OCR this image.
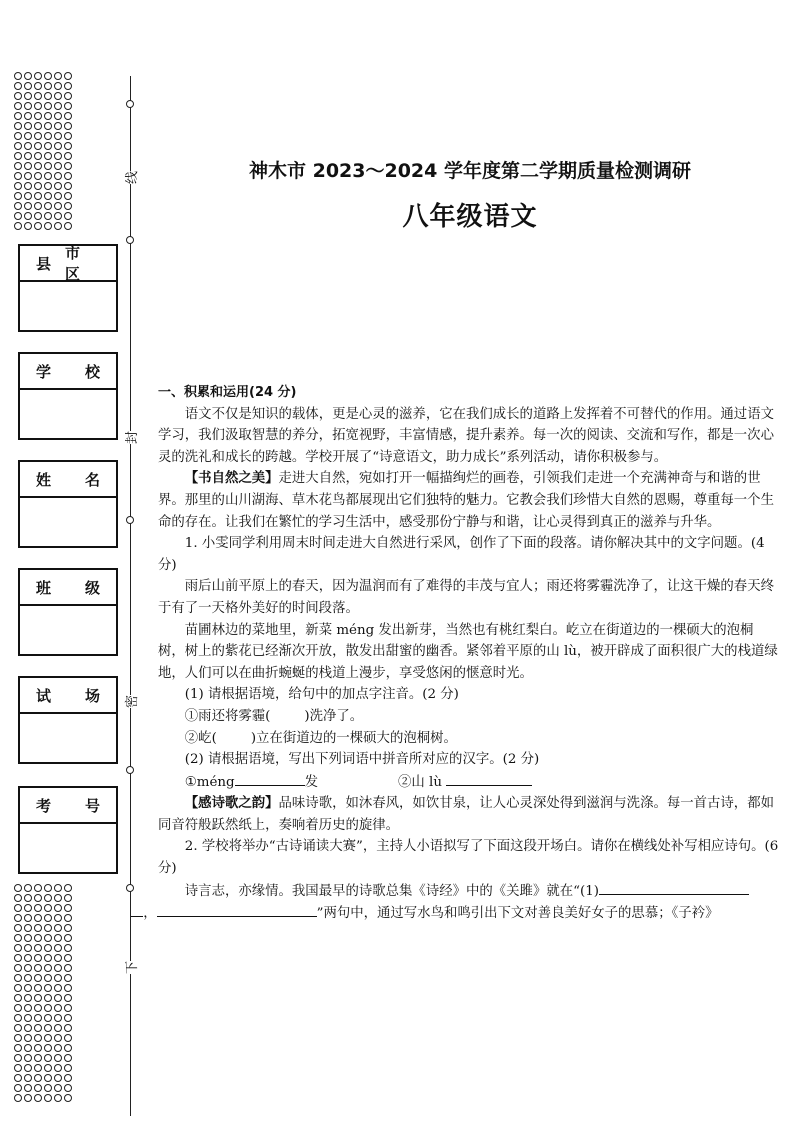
县
市 区
学 校
姓 名
班 级
试 场
考 号
线
封
密
下
神木市 2023～2024 学年度第二学期质量检测调研
八年级语文

一、积累和运用(24 分)

语文不仅是知识的载体，更是心灵的滋养，它在我们成长的道路上发挥着不可替代的作用。通过语文学习，我们汲取智慧的养分，拓宽视野，丰富情感，提升素养。每一次的阅读、交流和写作，都是一次心灵的洗礼和成长的跨越。学校开展了“诗意语文，助力成长”系列活动，请你积极参与。

【书自然之美】走进大自然，宛如打开一幅描绚烂的画卷，引领我们走进一个充满神奇与和谐的世界。那里的山川湖海、草木花鸟都展现出它们独特的魅力。它教会我们珍惜大自然的恩赐，尊重每一个生命的存在。让我们在繁忙的学习生活中，感受那份宁静与和谐，让心灵得到真正的滋养与升华。

1. 小雯同学利用周末时间走进大自然进行采风，创作了下面的段落。请你解决其中的文字问题。(4 分)

雨后山前平原上的春天，因为温润而有了难得的丰茂与宜人；雨还将雾霾洗净了，让这干燥的春天终于有了一天格外美好的时间段落。

苗圃林边的菜地里，新菜 méng 发出新芽，当然也有桃红梨白。屹立在街道边的一棵硕大的泡桐树，树上的紫花已经渐次开放，散发出甜蜜的幽香。紧邻着平原的山 lù，被开辟成了面积很广大的栈道绿地，人们可以在曲折蜿蜒的栈道上漫步，享受悠闲的惬意时光。

(1) 请根据语境，给句中的加点字注音。(2 分)

①雨还将雾霾(	)洗净了。

②屹(	)立在街道边的一棵硕大的泡桐树。

(2) 请根据语境，写出下列词语中拼音所对应的汉字。(2 分)

①méng	发	②山 lù

【感诗歌之韵】品味诗歌，如沐春风，如饮甘泉，让人心灵深处得到滋润与洗涤。每一首古诗，都如同音符般跃然纸上，奏响着历史的旋律。

2. 学校将举办“古诗诵读大赛”，主持人小语拟写了下面这段开场白。请你在横线处补写相应诗句。(6 分)

诗言志，亦缘情。我国最早的诗歌总集《诗经》中的《关雎》就在“(1)
，	”两句中，通过写水鸟和鸣引出下文对善良美好女子的思慕；《子衿》
